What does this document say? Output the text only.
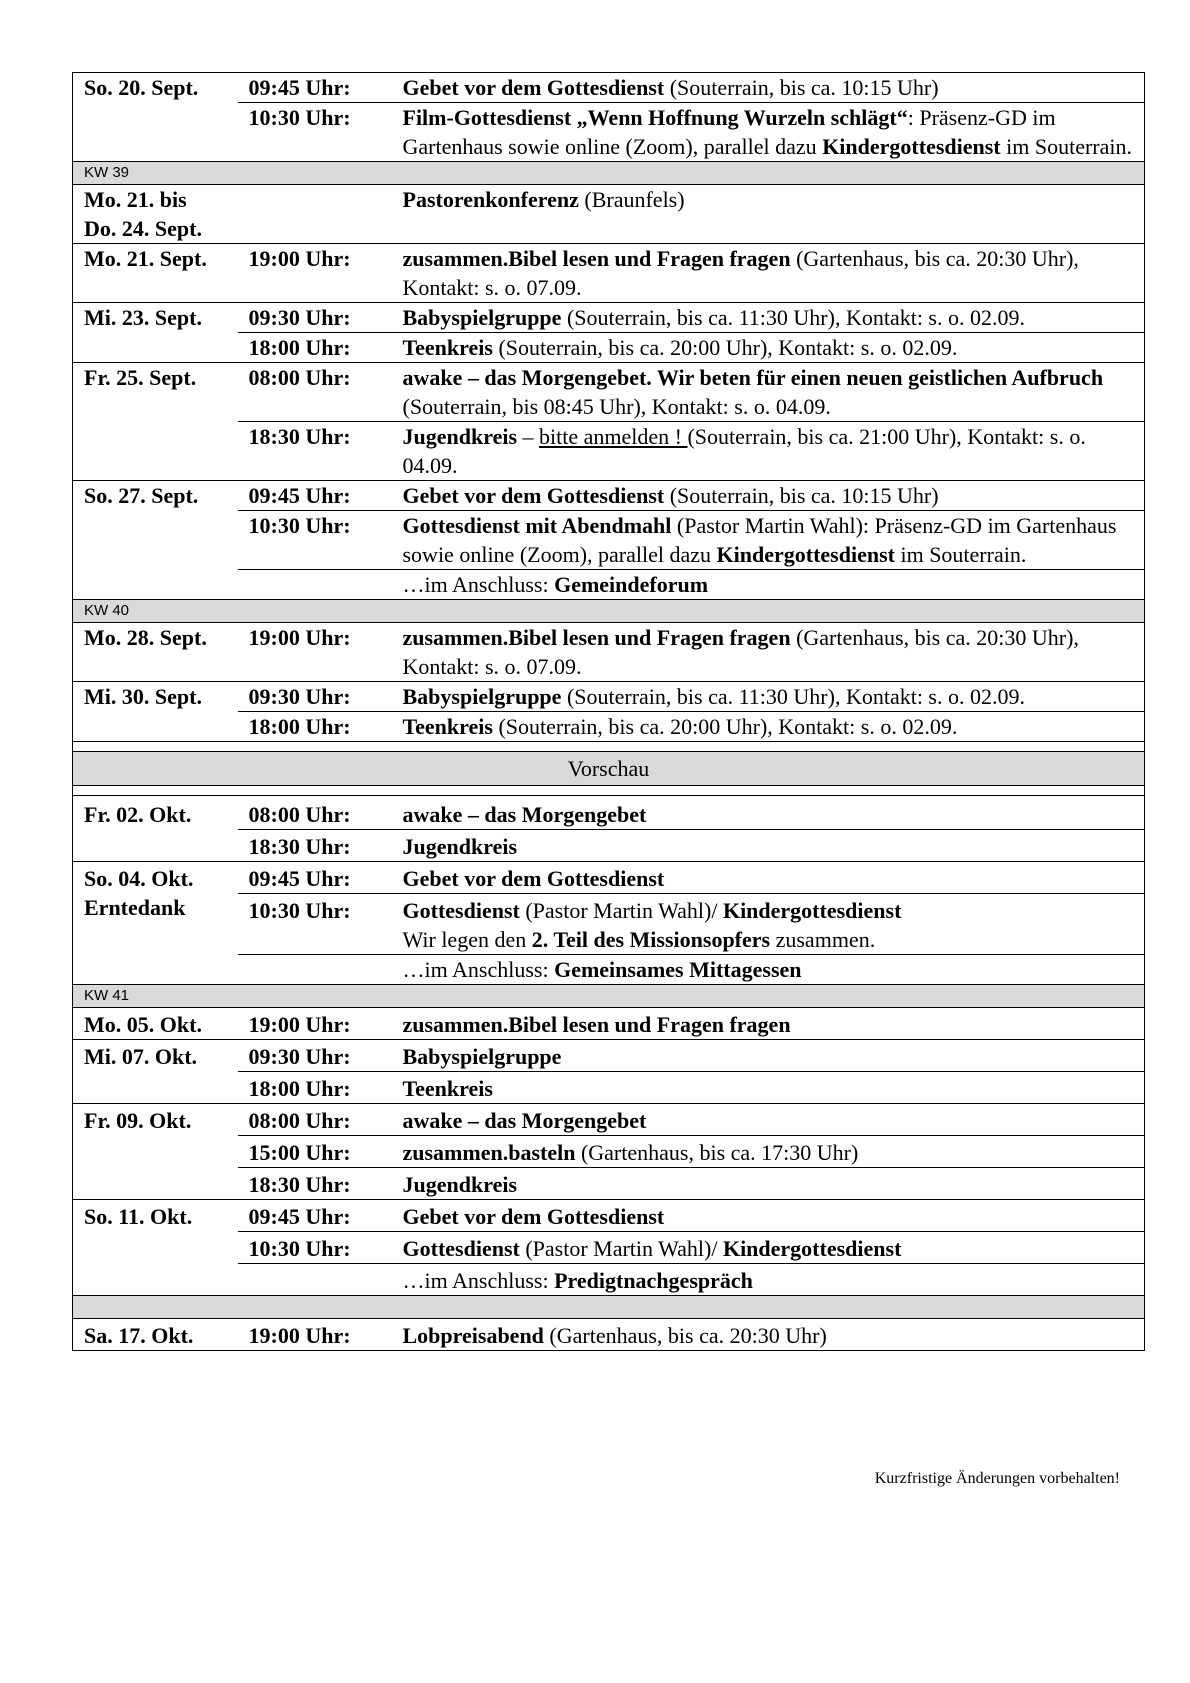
So. 20. Sept.	09:45 Uhr:	Gebet vor dem Gottesdienst (Souterrain, bis ca. 10:15 Uhr)
	10:30 Uhr:	Film-Gottesdienst „Wenn Hoffnung Wurzeln schlägt“: Präsenz-GD im Gartenhaus sowie online (Zoom), parallel dazu Kindergottesdienst im Souterrain.
KW 39		
Mo. 21. bis
Do. 24. Sept.		Pastorenkonferenz (Braunfels)
Mo. 21. Sept.	19:00 Uhr:	zusammen.Bibel lesen und Fragen fragen (Gartenhaus, bis ca. 20:30 Uhr), Kontakt: s. o. 07.09.
Mi. 23. Sept.	09:30 Uhr:	Babyspielgruppe (Souterrain, bis ca. 11:30 Uhr), Kontakt: s. o. 02.09.
	18:00 Uhr:	Teenkreis (Souterrain, bis ca. 20:00 Uhr), Kontakt: s. o. 02.09.
Fr. 25. Sept.	08:00 Uhr:	awake – das Morgengebet. Wir beten für einen neuen geistlichen Aufbruch (Souterrain, bis 08:45 Uhr), Kontakt: s. o. 04.09.
	18:30 Uhr:	Jugendkreis – bitte anmelden ! (Souterrain, bis ca. 21:00 Uhr), Kontakt: s. o. 04.09.
So. 27. Sept.	09:45 Uhr:	Gebet vor dem Gottesdienst (Souterrain, bis ca. 10:15 Uhr)
	10:30 Uhr:	Gottesdienst mit Abendmahl (Pastor Martin Wahl): Präsenz-GD im Gartenhaus sowie online (Zoom), parallel dazu Kindergottesdienst im Souterrain.
		…im Anschluss: Gemeindeforum
KW 40		
Mo. 28. Sept.	19:00 Uhr:	zusammen.Bibel lesen und Fragen fragen (Gartenhaus, bis ca. 20:30 Uhr), Kontakt: s. o. 07.09.
Mi. 30. Sept.	09:30 Uhr:	Babyspielgruppe (Souterrain, bis ca. 11:30 Uhr), Kontakt: s. o. 02.09.
	18:00 Uhr:	Teenkreis (Souterrain, bis ca. 20:00 Uhr), Kontakt: s. o. 02.09.

Vorschau		

Fr. 02. Okt.	08:00 Uhr:	awake – das Morgengebet
	18:30 Uhr:	Jugendkreis
So. 04. Okt.
Erntedank	09:45 Uhr:	Gebet vor dem Gottesdienst
	10:30 Uhr:	Gottesdienst (Pastor Martin Wahl)/ Kindergottesdienst
Wir legen den 2. Teil des Missionsopfers zusammen.
		…im Anschluss: Gemeinsames Mittagessen
KW 41		
Mo. 05. Okt.	19:00 Uhr:	zusammen.Bibel lesen und Fragen fragen
Mi. 07. Okt.	09:30 Uhr:	Babyspielgruppe
	18:00 Uhr:	Teenkreis
Fr. 09. Okt.	08:00 Uhr:	awake – das Morgengebet
	15:00 Uhr:	zusammen.basteln (Gartenhaus, bis ca. 17:30 Uhr)
	18:30 Uhr:	Jugendkreis
So. 11. Okt.	09:45 Uhr:	Gebet vor dem Gottesdienst
	10:30 Uhr:	Gottesdienst (Pastor Martin Wahl)/ Kindergottesdienst
		…im Anschluss: Predigtnachgespräch

Sa. 17. Okt.	19:00 Uhr:	Lobpreisabend (Gartenhaus, bis ca. 20:30 Uhr)
Kurzfristige Änderungen vorbehalten!
